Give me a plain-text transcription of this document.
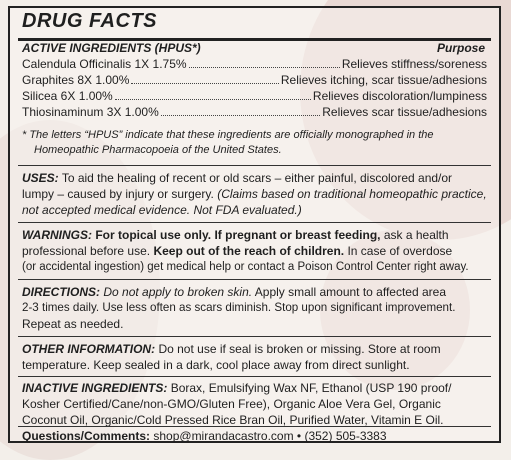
DRUG FACTS
ACTIVE INGREDIENTS (HPUS*)	Purpose
Calendula Officinalis 1X 1.75%	Relieves stiffness/soreness
Graphites 8X 1.00%	Relieves itching, scar tissue/adhesions
Silicea 6X 1.00%	Relieves discoloration/lumpiness
Thiosinaminum 3X 1.00%	Relieves scar tissue/adhesions
* The letters “HPUS” indicate that these ingredients are officially monographed in the
Homeopathic Pharmacopoeia of the United States.
USES: To aid the healing of recent or old scars – either painful, discolored and/or
lumpy – caused by injury or surgery. (Claims based on traditional homeopathic practice,
not accepted medical evidence. Not FDA evaluated.)
WARNINGS: For topical use only. If pregnant or breast feeding, ask a health
professional before use. Keep out of the reach of children. In case of overdose
(or accidental ingestion) get medical help or contact a Poison Control Center right away.
DIRECTIONS: Do not apply to broken skin. Apply small amount to affected area
2-3 times daily. Use less often as scars diminish. Stop upon significant improvement.
Repeat as needed.
OTHER INFORMATION: Do not use if seal is broken or missing. Store at room
temperature. Keep sealed in a dark, cool place away from direct sunlight.
INACTIVE INGREDIENTS: Borax, Emulsifying Wax NF, Ethanol (USP 190 proof/
Kosher Certified/Cane/non-GMO/Gluten Free), Organic Aloe Vera Gel, Organic
Coconut Oil, Organic/Cold Pressed Rice Bran Oil, Purified Water, Vitamin E Oil.
Questions/Comments: shop@mirandacastro.com • (352) 505-3383
